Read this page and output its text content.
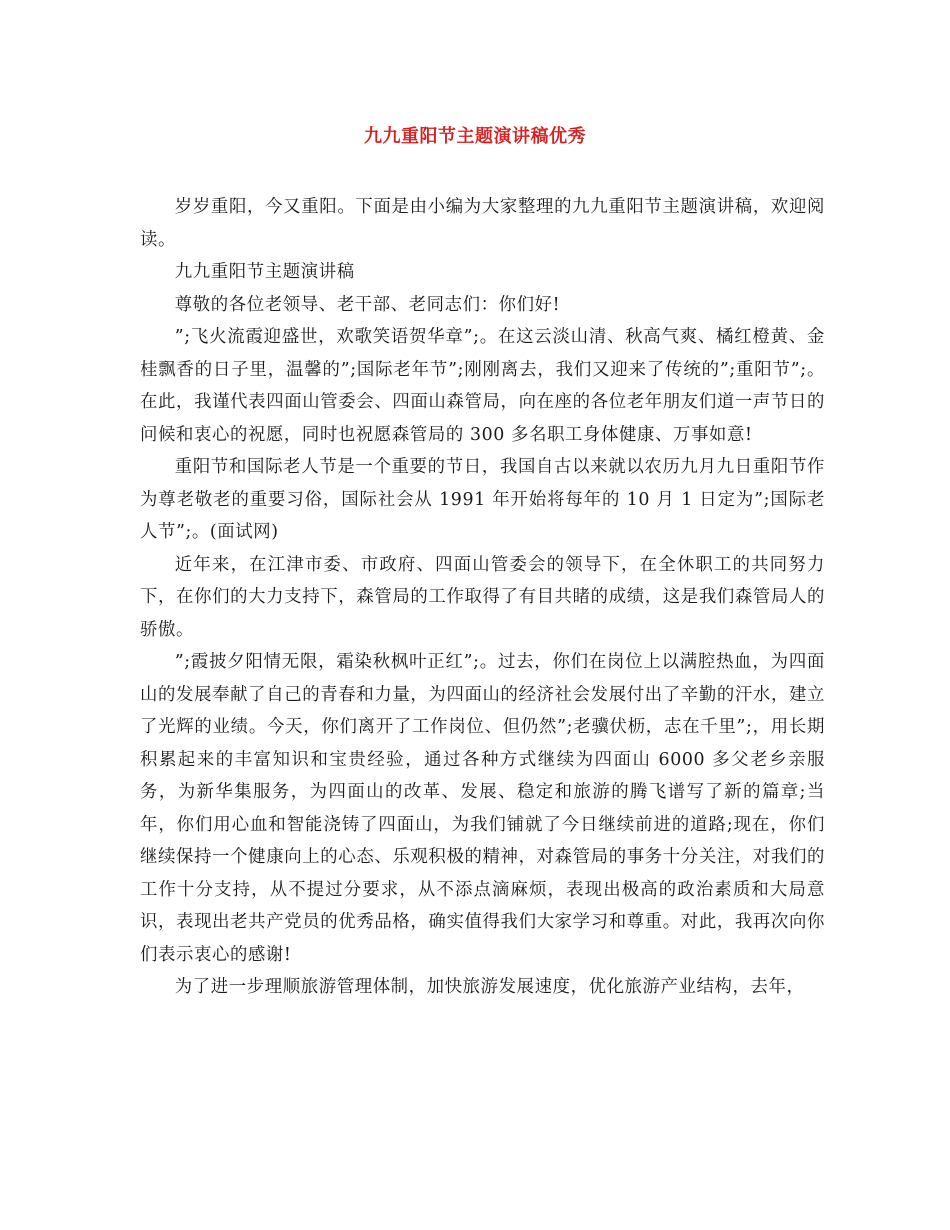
九九重阳节主题演讲稿优秀

岁岁重阳，今又重阳。下面是由小编为大家整理的九九重阳节主题演讲稿，欢迎阅读。

九九重阳节主题演讲稿

尊敬的各位老领导、老干部、老同志们：你们好!

”;飞火流霞迎盛世，欢歌笑语贺华章”;。在这云淡山清、秋高气爽、橘红橙黄、金桂飘香的日子里，温馨的”;国际老年节”;刚刚离去，我们又迎来了传统的”;重阳节”;。在此，我谨代表四面山管委会、四面山森管局，向在座的各位老年朋友们道一声节日的问候和衷心的祝愿，同时也祝愿森管局的 300 多名职工身体健康、万事如意!

重阳节和国际老人节是一个重要的节日，我国自古以来就以农历九月九日重阳节作为尊老敬老的重要习俗，国际社会从 1991 年开始将每年的 10 月 1 日定为”;国际老人节”;。(面试网)

近年来，在江津市委、市政府、四面山管委会的领导下，在全休职工的共同努力下，在你们的大力支持下，森管局的工作取得了有目共睹的成绩，这是我们森管局人的骄傲。

”;霞披夕阳情无限，霜染秋枫叶正红”;。过去，你们在岗位上以满腔热血，为四面山的发展奉献了自己的青春和力量，为四面山的经济社会发展付出了辛勤的汗水，建立了光辉的业绩。今天，你们离开了工作岗位、但仍然”;老骥伏枥，志在千里”;，用长期积累起来的丰富知识和宝贵经验，通过各种方式继续为四面山 6000 多父老乡亲服务，为新华集服务，为四面山的改革、发展、稳定和旅游的腾飞谱写了新的篇章;当年，你们用心血和智能浇铸了四面山，为我们铺就了今日继续前进的道路;现在，你们继续保持一个健康向上的心态、乐观积极的精神，对森管局的事务十分关注，对我们的工作十分支持，从不提过分要求，从不添点滴麻烦，表现出极高的政治素质和大局意识，表现出老共产党员的优秀品格，确实值得我们大家学习和尊重。对此，我再次向你们表示衷心的感谢!

为了进一步理顺旅游管理体制，加快旅游发展速度，优化旅游产业结构，去年，
